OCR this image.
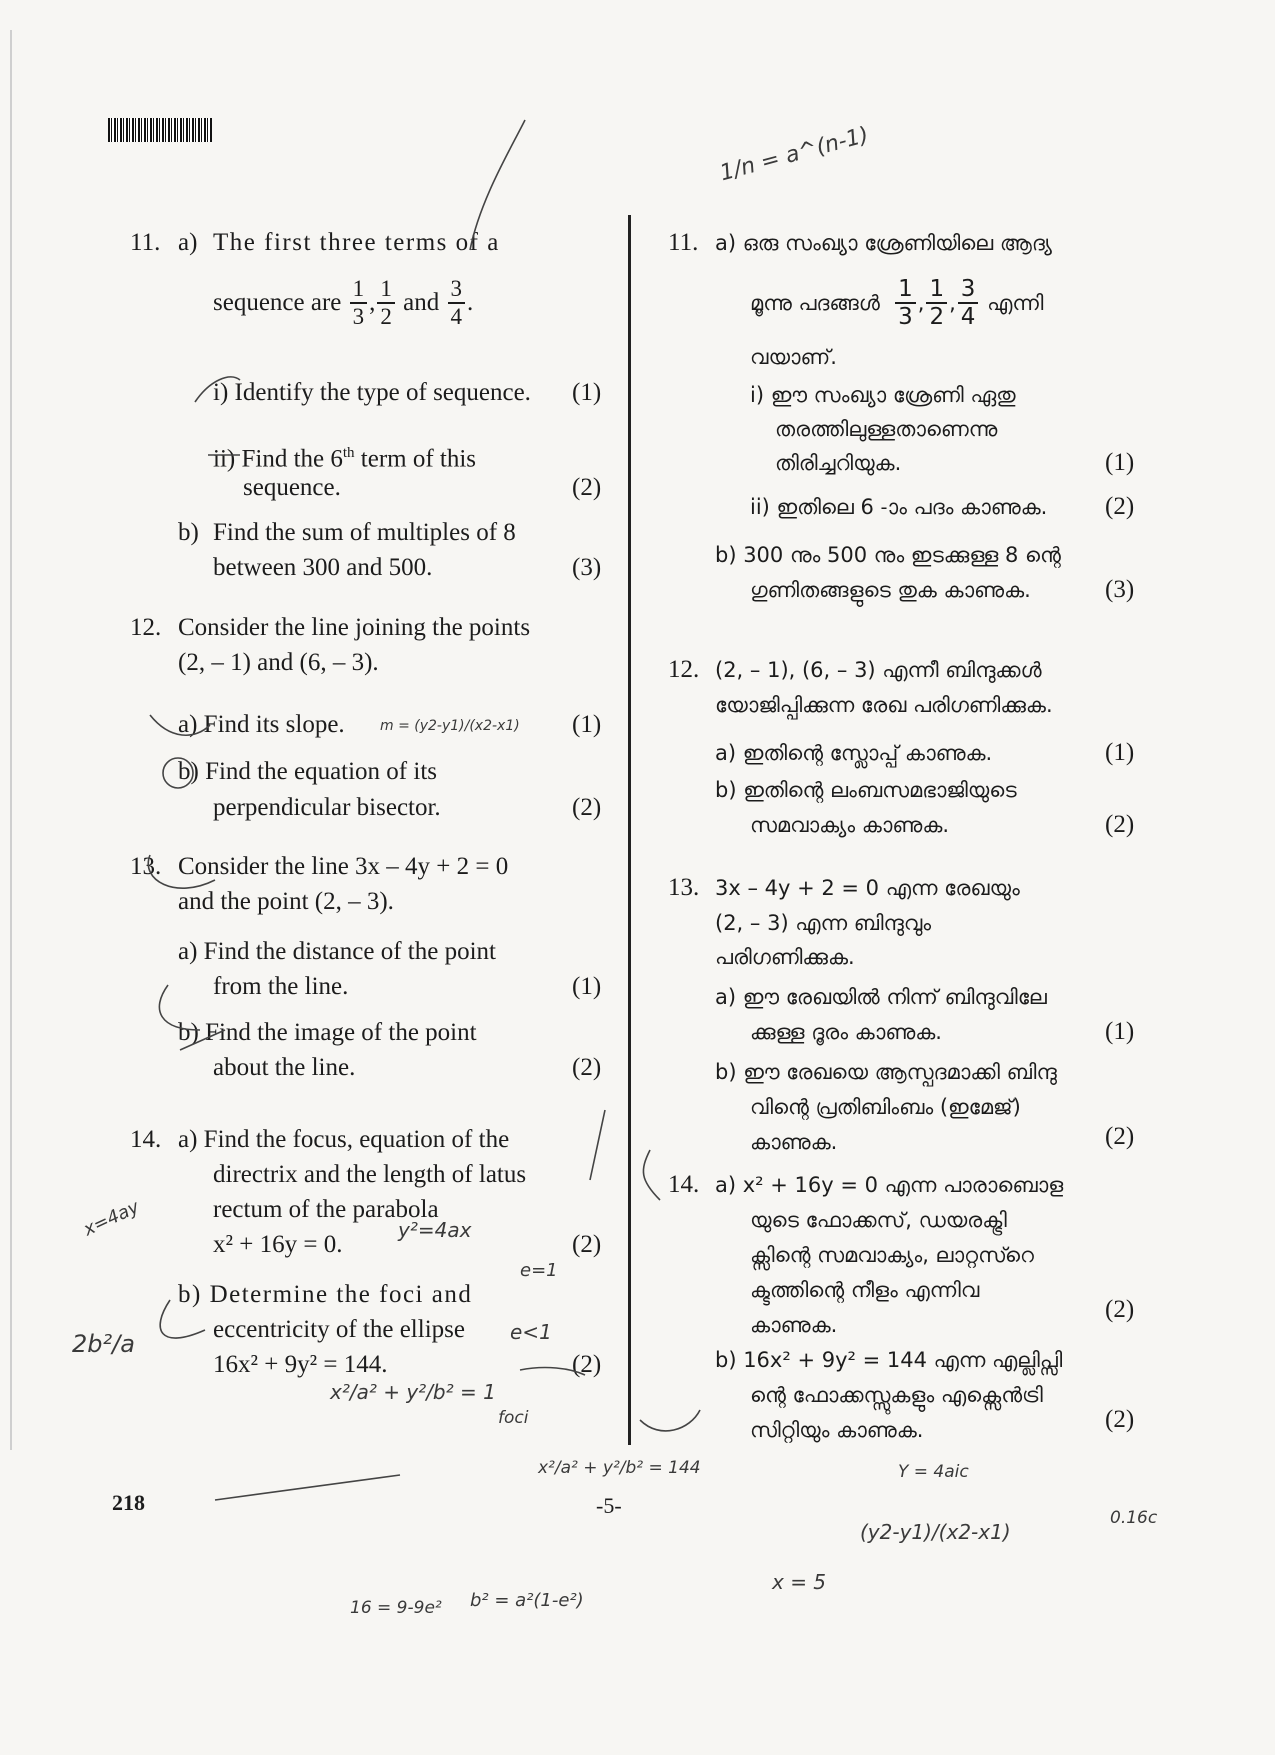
11. a) The first three terms of a
sequence are
$\frac{1}{3}$ , $\frac{1}{2}$
and
$\frac{3}{4}$ .
i) Identify the type of sequence. (1)
ii) Find the 6th term of this
sequence.	(2)
b) Find the sum of multiples of 8
between 300 and 500.	(3)
12. Consider the line joining the points
(2, – 1) and (6, – 3).
a) Find its slope.	(1)
b) Find the equation of its
perpendicular bisector.	(2)
13. Consider the line 3x – 4y + 2 = 0
and the point (2, – 3).
a) Find the distance of the point
from the line.	(1)
b) Find the image of the point
about the line.	(2)
14. a) Find the focus, equation of the
directrix and the length of latus
rectum of the parabola
x² + 16y = 0.	(2)
b) Determine the foci and
eccentricity of the ellipse
16x² + 9y² = 144.	(2)
11. a) ഒരു സംഖ്യാ ശ്രേണിയിലെ ആദ്യ
മൂന്നു പദങ്ങൾ
$\frac{1}{3}$ , $\frac{1}{2}$ , $\frac{3}{4}$
എന്നി
വയാണ്.
i) ഈ സംഖ്യാ ശ്രേണി ഏതു
തരത്തിലുള്ളതാണെന്നു
തിരിച്ചറിയുക.	(1)
ii) ഇതിലെ 6 -ാം പദം കാണുക. (2)
b) 300 നും 500 നും ഇടക്കുള്ള 8 ന്റെ
ഗുണിതങ്ങളുടെ തുക കാണുക.	(3)
12. (2, – 1), (6, – 3) എന്നീ ബിന്ദുക്കൾ
യോജിപ്പിക്കുന്ന രേഖ പരിഗണിക്കുക.
a) ഇതിന്റെ സ്ലോപ്പ് കാണുക.	(1)
b) ഇതിന്റെ ലംബസമഭാജിയുടെ
സമവാക്യം കാണുക.	(2)
13. 3x – 4y + 2 = 0 എന്ന രേഖയും
(2, – 3) എന്ന ബിന്ദുവും
പരിഗണിക്കുക.
a) ഈ രേഖയിൽ നിന്ന് ബിന്ദുവിലേ
ക്കുള്ള ദൂരം കാണുക.	(1)
b) ഈ രേഖയെ ആസ്പദമാക്കി ബിന്ദു
വിന്റെ പ്രതിബിംബം (ഇമേജ്)
കാണുക.	(2)
14. a) x² + 16y = 0 എന്ന പാരാബൊള
യുടെ ഫോക്കസ്, ഡയരക്ട്രി
ക്സിന്റെ സമവാക്യം, ലാറ്റസ്റെ
ക്ടത്തിന്റെ നീളം എന്നിവ
കാണുക.
(2)
b) 16x² + 9y² = 144 എന്ന എല്ലിപ്സി
ന്റെ ഫോക്കസ്സുകളും എക്സെൻട്രി
സിറ്റിയും കാണുക.	(2)
218	-5-
1/n = a^(n-1)
m = (y2-y1)/(x2-x1)
x=4ay	y²=4ax
e=1
e<1
x²/a² + y²/b² = 1
foci
x²/a² + y²/b² = 144
2b²/a
Y = 4aic
x = 5
0.16c
(y2-y1)/(x2-x1)
b² = a²(1-e²)
16 = 9-9e²
